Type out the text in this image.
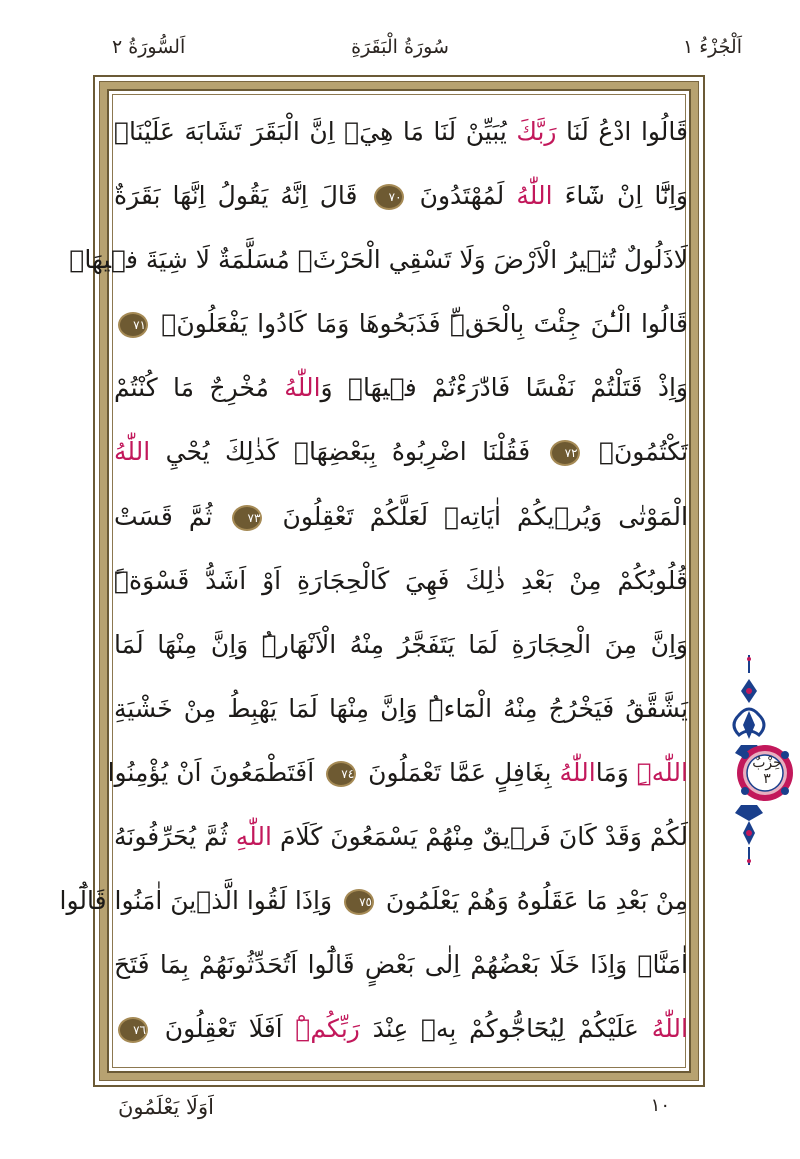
اَلْجُزْءُ ١
سُورَةُ الْبَقَرَةِ
اَلسُّورَةُ ٢
قَالُوا ادْعُ لَنَا رَبَّكَ يُبَيِّنْ لَنَا مَا هِيَۙ اِنَّ الْبَقَرَ تَشَابَهَ عَلَيْنَاۜ
وَاِنَّٓا اِنْ شَٓاءَ اللّٰهُ لَمُهْتَدُونَ ٧٠ قَالَ اِنَّهُ يَقُولُ اِنَّهَا بَقَرَةٌ
لَاذَلُولٌ تُثٖيرُ الْاَرْضَ وَلَا تَسْقِي الْحَرْثَۚ مُسَلَّمَةٌ لَا شِيَةَ فٖيهَاۜ
قَالُوا الْـٰٔنَ جِئْتَ بِالْحَقِّۜ فَذَبَحُوهَا وَمَا كَادُوا يَفْعَلُونَۚ ٧١
وَاِذْ قَتَلْتُمْ نَفْسًا فَادّٰرَءْتُمْ فٖيهَاۜ وَاللّٰهُ مُخْرِجٌ مَا كُنْتُمْ
تَكْتُمُونَۚ ٧٢ فَقُلْنَا اضْرِبُوهُ بِبَعْضِهَاۜ كَذٰلِكَ يُحْيِ اللّٰهُ
الْمَوْتٰى وَيُرٖيكُمْ اٰيَاتِهٖ لَعَلَّكُمْ تَعْقِلُونَ ٧٣ ثُمَّ قَسَتْ
قُلُوبُكُمْ مِنْ بَعْدِ ذٰلِكَ فَهِيَ كَالْحِجَارَةِ اَوْ اَشَدُّ قَسْوَةًۜ
وَاِنَّ مِنَ الْحِجَارَةِ لَمَا يَتَفَجَّرُ مِنْهُ الْاَنْهَارُۜ وَاِنَّ مِنْهَا لَمَا
يَشَّقَّقُ فَيَخْرُجُ مِنْهُ الْمَٓاءُۜ وَاِنَّ مِنْهَا لَمَا يَهْبِطُ مِنْ خَشْيَةِ
اللّٰهِۜ وَمَااللّٰهُ بِغَافِلٍ عَمَّا تَعْمَلُونَ ٧٤ اَفَتَطْمَعُونَ اَنْ يُؤْمِنُوا
لَكُمْ وَقَدْ كَانَ فَرٖيقٌ مِنْهُمْ يَسْمَعُونَ كَلَامَ اللّٰهِ ثُمَّ يُحَرِّفُونَهُ
مِنْ بَعْدِ مَا عَقَلُوهُ وَهُمْ يَعْلَمُونَ ٧٥ وَاِذَا لَقُوا الَّذٖينَ اٰمَنُوا قَالُٓوا
اٰمَنَّاۚ وَاِذَا خَلَا بَعْضُهُمْ اِلٰى بَعْضٍ قَالُٓوا اَتُحَدِّثُونَهُمْ بِمَا فَتَحَ
اللّٰهُ عَلَيْكُمْ لِيُحَٓاجُّوكُمْ بِهٖ عِنْدَ رَبِّكُمْۜ اَفَلَا تَعْقِلُونَ ٧٦
حِزْبٌ
٣
١٠
اَوَلَا يَعْلَمُونَ
